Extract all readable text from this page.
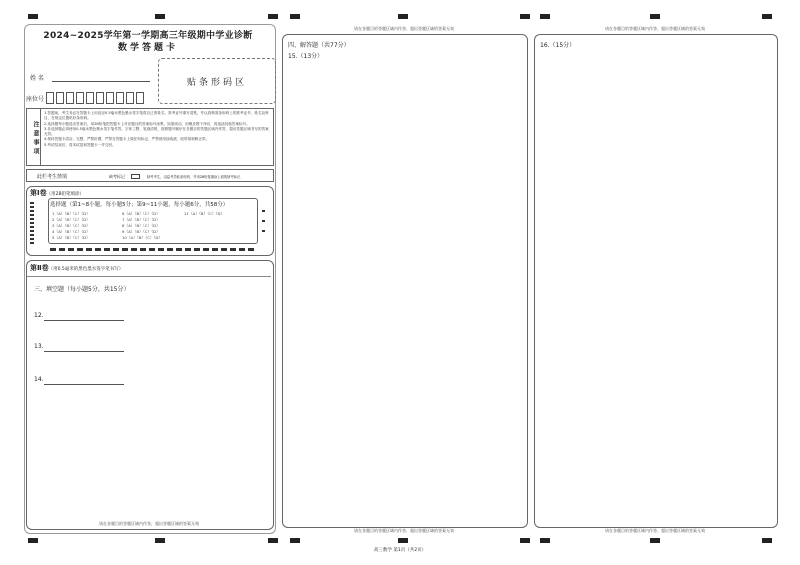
2024~2025学年第一学期高三年级期中学业诊断
数学答题卡
姓 名
座位号
贴条形码区
注意事项
1.答题前，考生务必在答题卡上用直径0.5毫米黑色墨水签字笔将自己的姓名、准考证号填写清楚，并认真核准条形码上的准考证号、姓名及科目，在规定位置贴好条形码。
2.选择题每小题选出答案后，用2B铅笔把答题卡上对应题目的答案标号涂黑，如需改动，用橡皮擦干净后，再选涂其他答案标号。
3.非选择题必须使用0.5毫米黑色墨水签字笔作答，字体工整、笔迹清楚，按照题号顺序在各题目的答题区域内作答，超出答题区域书写的答案无效。
4.保持答题卡清洁、完整，严禁折叠，严禁在答题卡上做任何标记，严禁使用涂改液、胶带纸和修正带。
5.考试结束后，将本试卷和答题卡一并交回。
此栏考生禁填	缺考标记	缺考考生，由监考员贴条形码，并用2B铅笔填涂上面的缺考标记
第Ⅰ卷（用2B铅笔填涂）
选择题（第1~8小题，每小题5分；第9~11小题，每小题6分，共58分）
1（A）（B）（C）（D）
2（A）（B）（C）（D）
3（A）（B）（C）（D）
4（A）（B）（C）（D）
5（A）（B）（C）（D）
6（A）（B）（C）（D）
7（A）（B）（C）（D）
8（A）（B）（C）（D）
9（A）（B）（C）（D）
10（A）（B）（C）（D）
11（A）（B）（C）（D）
第Ⅱ卷（用0.5毫米的黑色墨水签字笔书写）
三、填空题（每小题5分，共15分）
12.
13.
14.
请在各题目的答题区域内作答，超出答题区域的答案无效
四、解答题（共77分）
15.（13分）
请在各题目的答题区域内作答，超出答题区域的答案无效
请在各题目的答题区域内作答，超出答题区域的答案无效
16.（15分）
请在各题目的答题区域内作答，超出答题区域的答案无效
请在各题目的答题区域内作答，超出答题区域的答案无效
高三数学 第1页（共2页）
